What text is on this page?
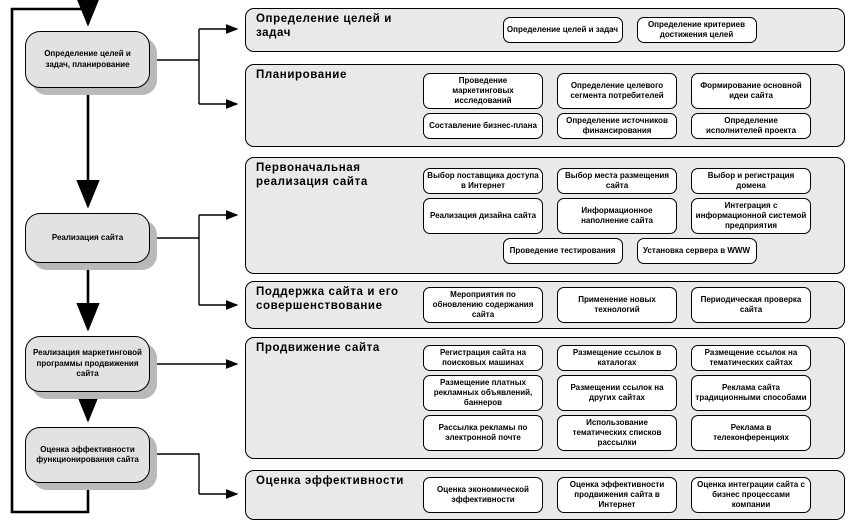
Определение целей и задач, планирование
Реализация сайта
Реализация маркетинговой программы продвижения сайта
Оценка эффективности функционирования сайта
Определение целей и задач	Определение целей и задач
Определение критериев достижения целей
Планирование	Проведение маркетинговых исследований
Определение целевого сегмента потребителей
Формирование основной идеи сайта
Составление бизнес-плана
Определение источников финансирования
Определение исполнителей проекта
Первоначальная реализация сайта
Выбор поставщика доступа в Интернет
Выбор места размещения сайта
Выбор и регистрация домена
Реализация дизайна сайта
Информационное наполнение сайта
Интеграция с информационной системой предприятия
Проведение тестирования	Установка сервера в WWW
Поддержка сайта и его совершенствование
Мероприятия по обновлению содержания сайта
Применение новых технологий
Периодическая проверка сайта
Продвижение сайта	Регистрация сайта на поисковых машинах
Размещение ссылок в каталогах
Размещение ссылок на тематических сайтах
Размещение платных рекламных объявлений, баннеров
Размещении ссылок на других сайтах
Реклама сайта традиционными способами
Рассылка рекламы по электронной почте
Использование тематических списков рассылки
Реклама в телеконференциях
Оценка эффективности
Оценка экономической эффективности
Оценка эффективности продвижения сайта в Интернет
Оценка интеграции сайта с бизнес процессами компании
